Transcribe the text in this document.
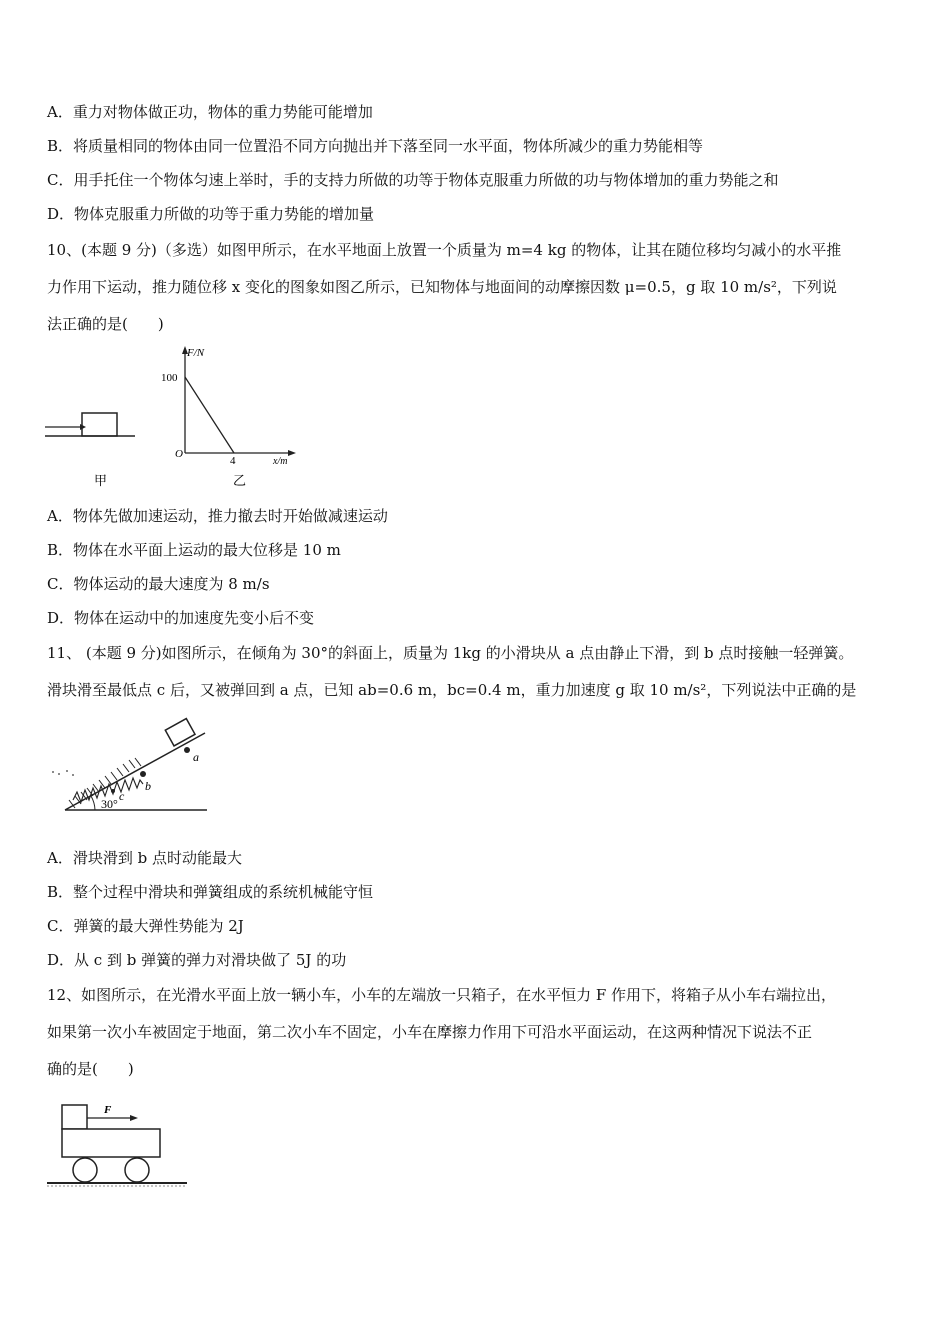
A．重力对物体做正功，物体的重力势能可能增加
B．将质量相同的物体由同一位置沿不同方向抛出并下落至同一水平面，物体所减少的重力势能相等
C．用手托住一个物体匀速上举时，手的支持力所做的功等于物体克服重力所做的功与物体增加的重力势能之和
D．物体克服重力所做的功等于重力势能的增加量
10、(本题 9 分)（多选）如图甲所示，在水平地面上放置一个质量为 m=4 kg 的物体，让其在随位移均匀减小的水平推
力作用下运动，推力随位移 x 变化的图象如图乙所示，已知物体与地面间的动摩擦因数 μ=0.5，g 取 10 m/s²，下列说
法正确的是(　　)
甲
F/N
100
O
4	x/m
乙
A．物体先做加速运动，推力撤去时开始做减速运动
B．物体在水平面上运动的最大位移是 10 m
C．物体运动的最大速度为 8 m/s
D．物体在运动中的加速度先变小后不变
11、 (本题 9 分)如图所示，在倾角为 30°的斜面上，质量为 1kg 的小滑块从 a 点由静止下滑，到 b 点时接触一轻弹簧。
滑块滑至最低点 c 后，又被弹回到 a 点，已知 ab=0.6 m，bc=0.4 m，重力加速度 g 取 10 m/s²，下列说法中正确的是
a
b
c
30°
A．滑块滑到 b 点时动能最大
B．整个过程中滑块和弹簧组成的系统机械能守恒
C．弹簧的最大弹性势能为 2J
D．从 c 到 b 弹簧的弹力对滑块做了 5J 的功
12、如图所示，在光滑水平面上放一辆小车，小车的左端放一只箱子，在水平恒力 F 作用下，将箱子从小车右端拉出，
如果第一次小车被固定于地面，第二次小车不固定，小车在摩擦力作用下可沿水平面运动，在这两种情况下说法不正
确的是(　　)
F
